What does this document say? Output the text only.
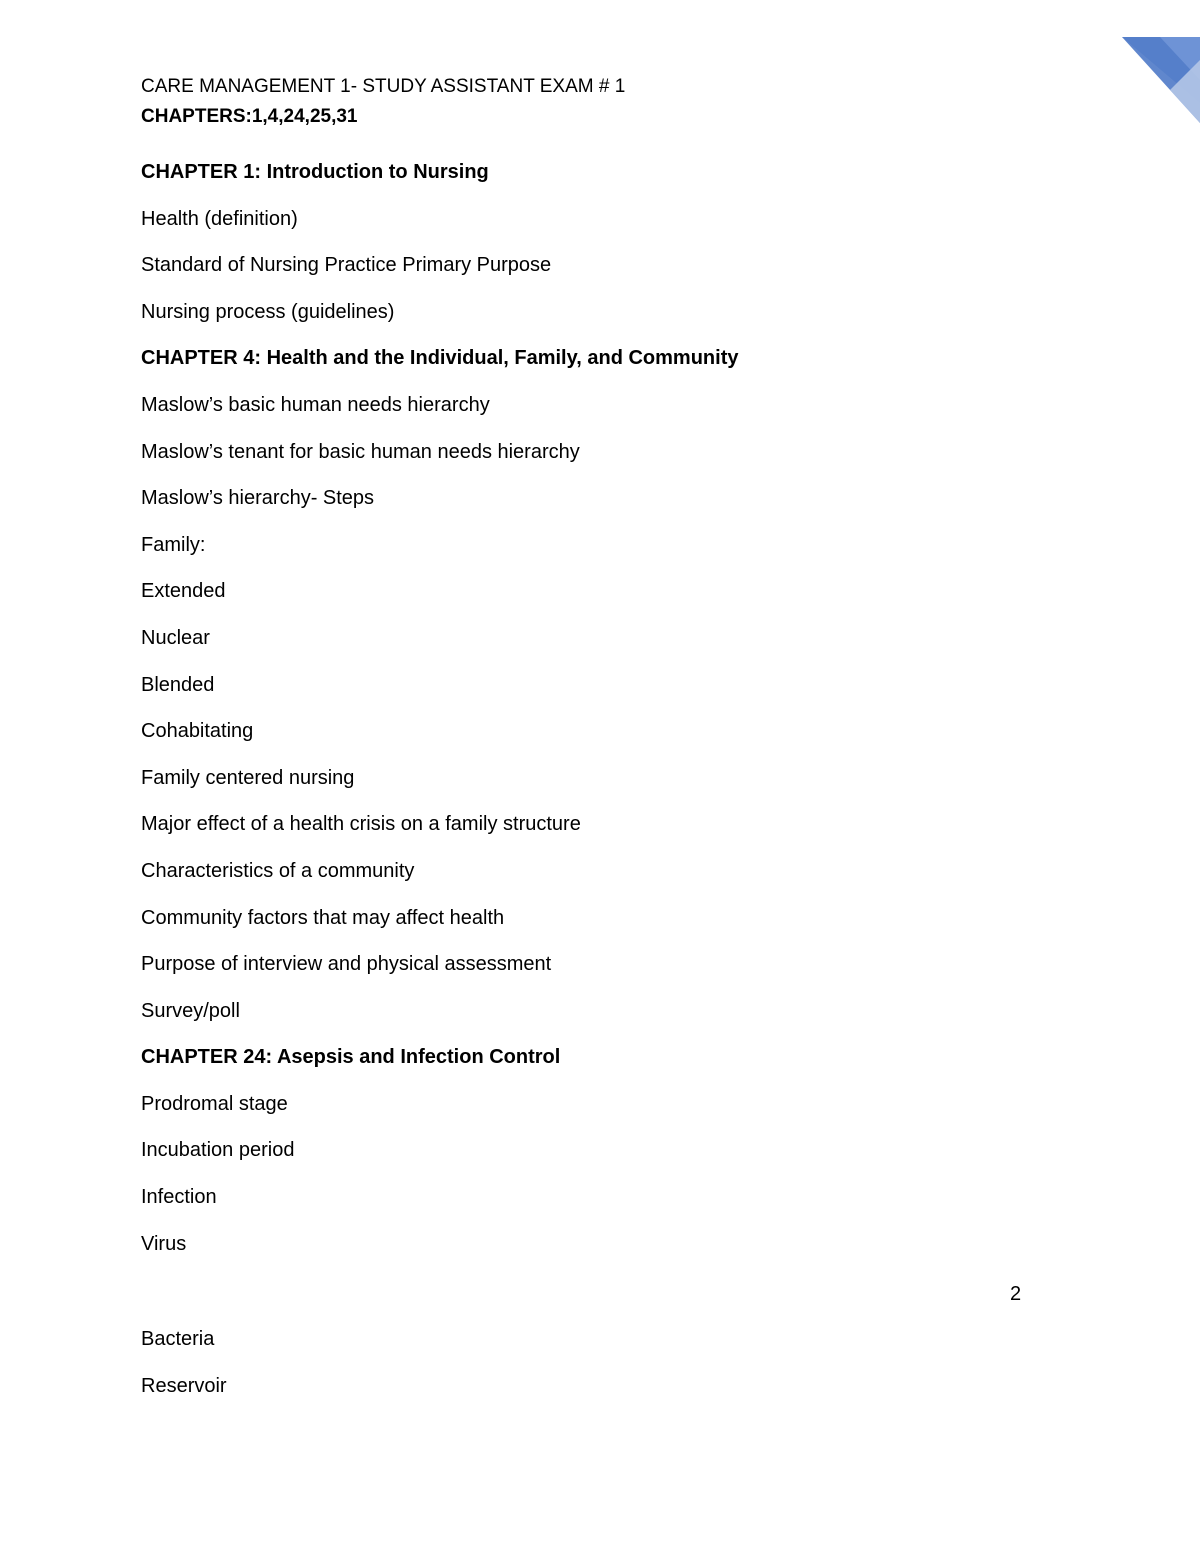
CARE MANAGEMENT 1- STUDY ASSISTANT EXAM # 1
CHAPTERS:1,4,24,25,31
CHAPTER 1: Introduction to Nursing
Health (definition)
Standard of Nursing Practice Primary Purpose
Nursing process (guidelines)
CHAPTER 4: Health and the Individual, Family, and Community
Maslow’s basic human needs hierarchy
Maslow’s tenant for basic human needs hierarchy
Maslow’s hierarchy- Steps
Family:
Extended
Nuclear
Blended
Cohabitating
Family centered nursing
Major effect of a health crisis on a family structure
Characteristics of a community
Community factors that may affect health
Purpose of interview and physical assessment
Survey/poll
CHAPTER 24: Asepsis and Infection Control
Prodromal stage
Incubation period
Infection
Virus
2
Bacteria
Reservoir
